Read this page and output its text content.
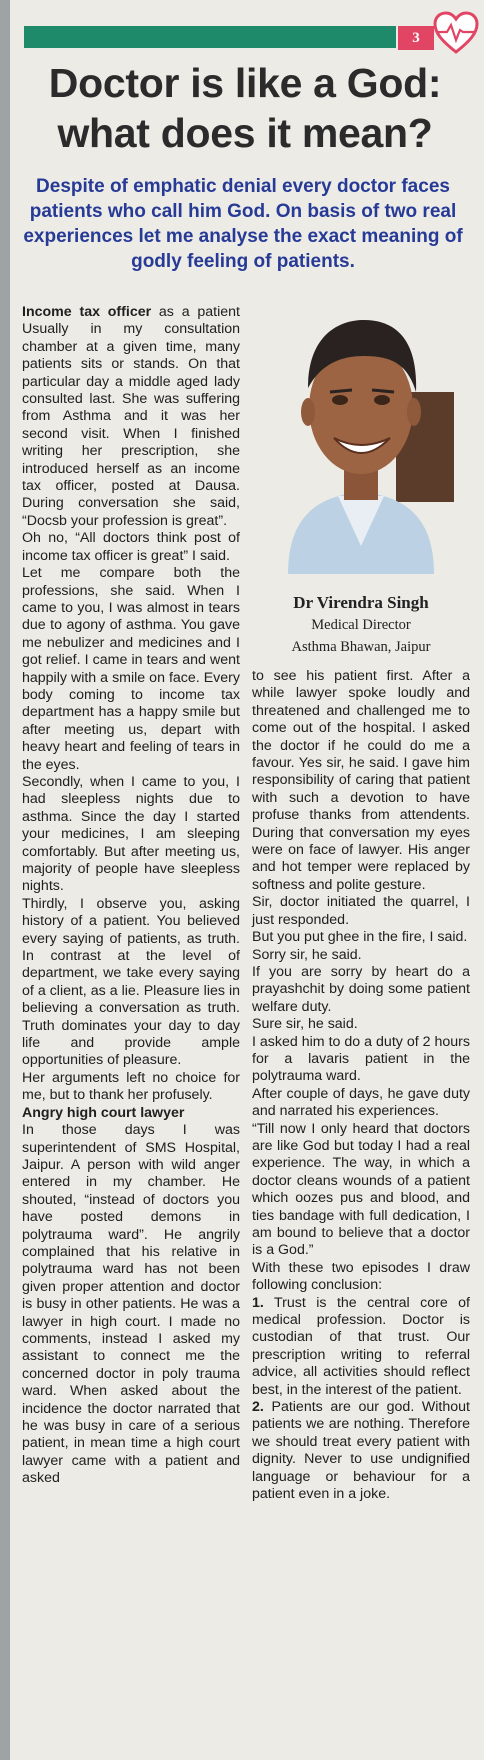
3
Doctor is like a God:
what does it mean?

Despite of emphatic denial every doctor faces patients who call him God. On basis of two real experiences let me analyse the exact meaning of godly feeling of patients.

Income tax officer as a patient Usually in my consultation chamber at a given time, many patients sits or stands. On that particular day a middle aged lady consulted last. She was suffering from Asthma and it was her second visit. When I finished writing her prescription, she introduced herself as an income tax officer, posted at Dausa. During conversation she said, “Docsb your profession is great”.

Oh no, “All doctors think post of income tax officer is great” I said.

Let me compare both the professions, she said. When I came to you, I was almost in tears due to agony of asthma. You gave me nebulizer and medicines and I got relief. I came in tears and went happily with a smile on face. Every body coming to income tax department has a happy smile but after meeting us, depart with heavy heart and feeling of tears in the eyes.

Secondly, when I came to you, I had sleepless nights due to asthma. Since the day I started your medicines, I am sleeping comfortably. But after meeting us, majority of people have sleepless nights.

Thirdly, I observe you, asking history of a patient. You believed every saying of patients, as truth. In contrast at the level of department, we take every saying of a client, as a lie. Pleasure lies in believing a conversation as truth. Truth dominates your day to day life and provide ample opportunities of pleasure.

Her arguments left no choice for me, but to thank her profusely.

Angry high court lawyer

In those days I was superintendent of SMS Hospital, Jaipur. A person with wild anger entered in my chamber. He shouted, “instead of doctors you have posted demons in polytrauma ward”. He angrily complained that his relative in polytrauma ward has not been given proper attention and doctor is busy in other patients. He was a lawyer in high court. I made no comments, instead I asked my assistant to connect me the concerned doctor in poly trauma ward. When asked about the incidence the doctor narrated that he was busy in care of a serious patient, in mean time a high court lawyer came with a patient and asked

Dr Virendra Singh
Medical Director
Asthma Bhawan, Jaipur

to see his patient first. After a while lawyer spoke loudly and threatened and challenged me to come out of the hospital. I asked the doctor if he could do me a favour. Yes sir, he said. I gave him responsibility of caring that patient with such a devotion to have profuse thanks from attendents. During that conversation my eyes were on face of lawyer. His anger and hot temper were replaced by softness and polite gesture.

Sir, doctor initiated the quarrel, I just responded.

But you put ghee in the fire, I said.

Sorry sir, he said.

If you are sorry by heart do a prayashchit by doing some patient welfare duty.

Sure sir, he said.

I asked him to do a duty of 2 hours for a lavaris patient in the polytrauma ward.

After couple of days, he gave duty and narrated his experiences.

“Till now I only heard that doctors are like God but today I had a real experience. The way, in which a doctor cleans wounds of a patient which oozes pus and blood, and ties bandage with full dedication, I am bound to believe that a doctor is a God.”

With these two episodes I draw following conclusion:

1. Trust is the central core of medical profession. Doctor is custodian of that trust. Our prescription writing to referral advice, all activities should reflect best, in the interest of the patient.

2. Patients are our god. Without patients we are nothing. Therefore we should treat every patient with dignity. Never to use undignified language or behaviour for a patient even in a joke.
